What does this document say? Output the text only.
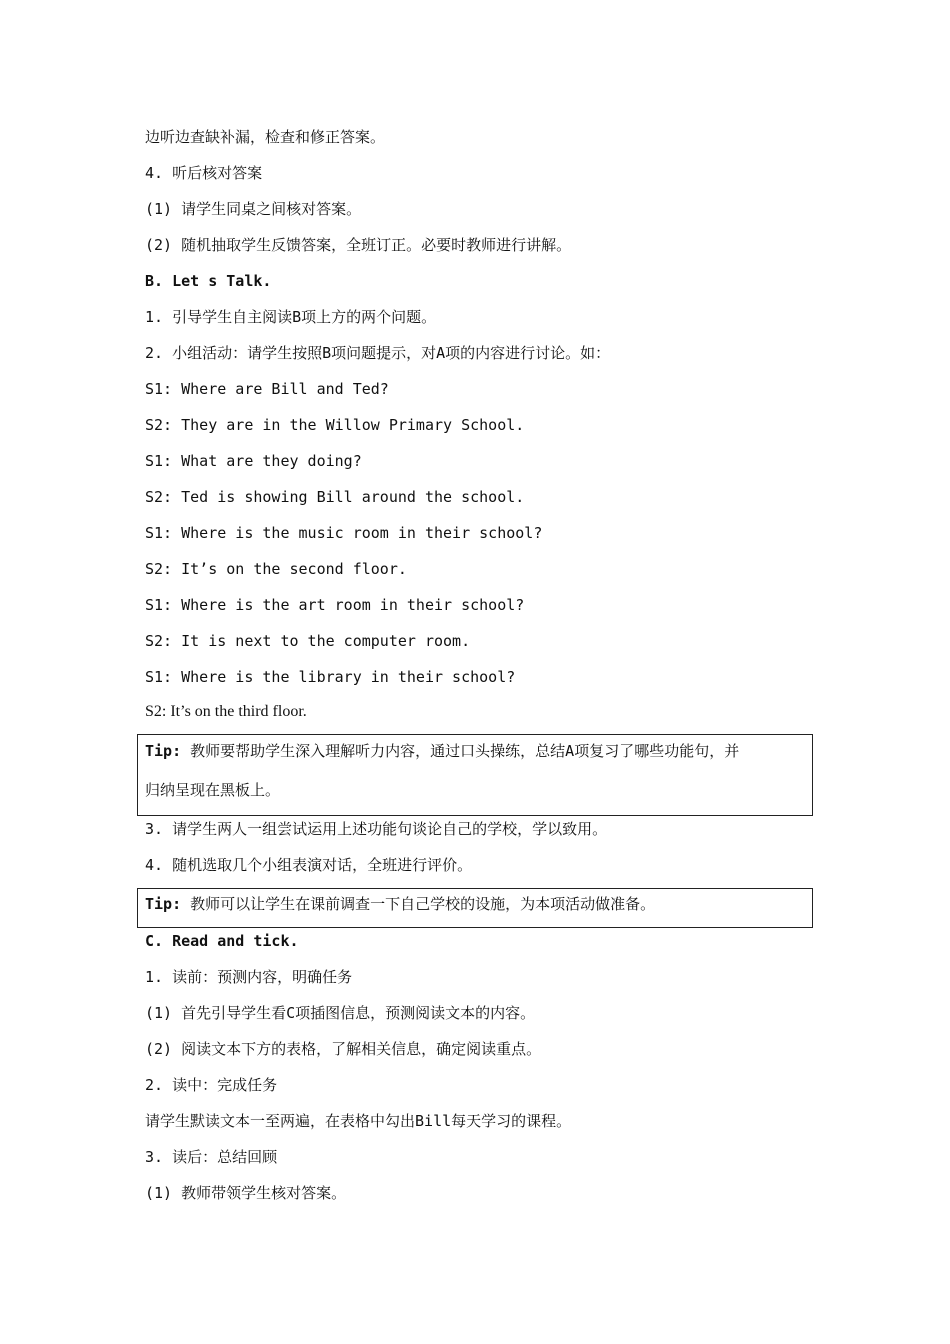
边听边查缺补漏，检查和修正答案。

4. 听后核对答案

(1) 请学生同桌之间核对答案。

(2) 随机抽取学生反馈答案，全班订正。必要时教师进行讲解。

B. Let s Talk.

1. 引导学生自主阅读B项上方的两个问题。

2. 小组活动：请学生按照B项问题提示，对A项的内容进行讨论。如：

S1: Where are Bill and Ted?

S2: They are in the Willow Primary School.

S1: What are they doing?

S2: Ted is showing Bill around the school.

S1: Where is the music room in their school?

S2: It’s on the second floor.

S1: Where is the art room in their school?

S2: It is next to the computer room.

S1: Where is the library in their school?

S2: It’s on the third floor.

Tip: 教师要帮助学生深入理解听力内容，通过口头操练，总结A项复习了哪些功能句，并

归纳呈现在黑板上。

3. 请学生两人一组尝试运用上述功能句谈论自己的学校，学以致用。

4. 随机选取几个小组表演对话，全班进行评价。

Tip: 教师可以让学生在课前调查一下自己学校的设施，为本项活动做准备。

C. Read and tick.

1. 读前：预测内容，明确任务

(1) 首先引导学生看C项插图信息，预测阅读文本的内容。

(2) 阅读文本下方的表格，了解相关信息，确定阅读重点。

2. 读中：完成任务

请学生默读文本一至两遍，在表格中勾出Bill每天学习的课程。

3. 读后：总结回顾

(1) 教师带领学生核对答案。
